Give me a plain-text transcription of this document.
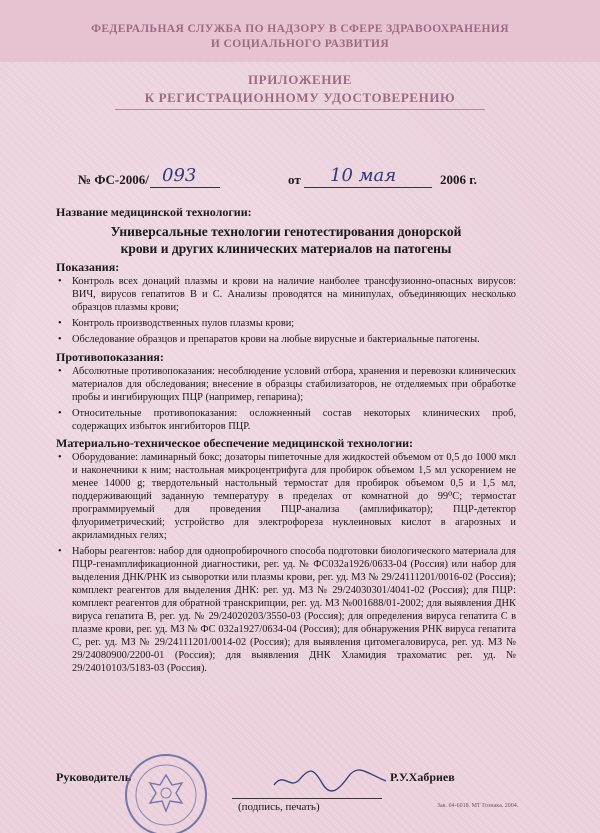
ФЕДЕРАЛЬНАЯ СЛУЖБА ПО НАДЗОРУ В СФЕРЕ ЗДРАВООХРАНЕНИЯ
И СОЦИАЛЬНОГО РАЗВИТИЯ
ПРИЛОЖЕНИЕ
К РЕГИСТРАЦИОННОМУ УДОСТОВЕРЕНИЮ
№ ФС-2006/ 093	от 10 мая	2006 г.
Название медицинской технологии:
Универсальные технологии генотестирования донорской
крови и других клинических материалов на патогены
Показания:
• Контроль всех донаций плазмы и крови на наличие наиболее трансфузионно-опасных вирусов: ВИЧ, вирусов гепатитов В и С. Анализы проводятся на минипулах, объединяющих несколько образцов плазмы крови;
• Контроль производственных пулов плазмы крови;
• Обследование образцов и препаратов крови на любые вирусные и бактериальные патогены.
Противопоказания:
• Абсолютные противопоказания: несоблюдение условий отбора, хранения и перевозки клинических материалов для обследования; внесение в образцы стабилизаторов, не отделяемых при обработке пробы и ингибирующих ПЦР (например, гепарина);
• Относительные противопоказания: осложненный состав некоторых клинических проб, содержащих избыток ингибиторов ПЦР.
Материально-техническое обеспечение медицинской технологии:
• Оборудование: ламинарный бокс; дозаторы пипеточные для жидкостей объемом от 0,5 до 1000 мкл и наконечники к ним; настольная микроцентрифуга для пробирок объемом 1,5 мл ускорением не менее 14000 g; твердотельный настольный термостат для пробирок объемом 0,5 и 1,5 мл, поддерживающий заданную температуру в пределах от комнатной до 99⁰С; термостат программируемый для проведения ПЦР-анализа (амплификатор); ПЦР-детектор флуориметрический; устройство для электрофореза нуклеиновых кислот в агарозных и акриламидных гелях;
• Наборы реагентов: набор для однопробирочного способа подготовки биологического материала для ПЦР-генамплификационной диагностики, рег. уд. № ФС032а1926/0633-04 (Россия) или набор для выделения ДНК/РНК из сыворотки или плазмы крови, рег. уд. МЗ № 29/24111201/0016-02 (Россия); комплект реагентов для выделения ДНК: рег. уд. МЗ № 29/24030301/4041-02 (Россия); для ПЦР: комплект реагентов для обратной транскрипции, рег. уд. МЗ №001688/01-2002; для выявления ДНК вируса гепатита В, рег. уд. № 29/24020203/3550-03 (Россия); для определения вируса гепатита С в плазме крови, рег. уд. МЗ № ФС 032а1927/0634-04 (Россия); для обнаружения РНК вируса гепатита С, рег. уд. МЗ № 29/24111201/0014-02 (Россия); для выявления цитомегаловируса, рег. уд. МЗ № 29/24080900/2200-01 (Россия); для выявления ДНК Хламидия трахоматис рег. уд. № 29/24010103/5183-03 (Россия).
Руководитель	Р.У.Хабриев
(подпись, печать)	Зак. 04-6018. МТ Гознака. 2004.
